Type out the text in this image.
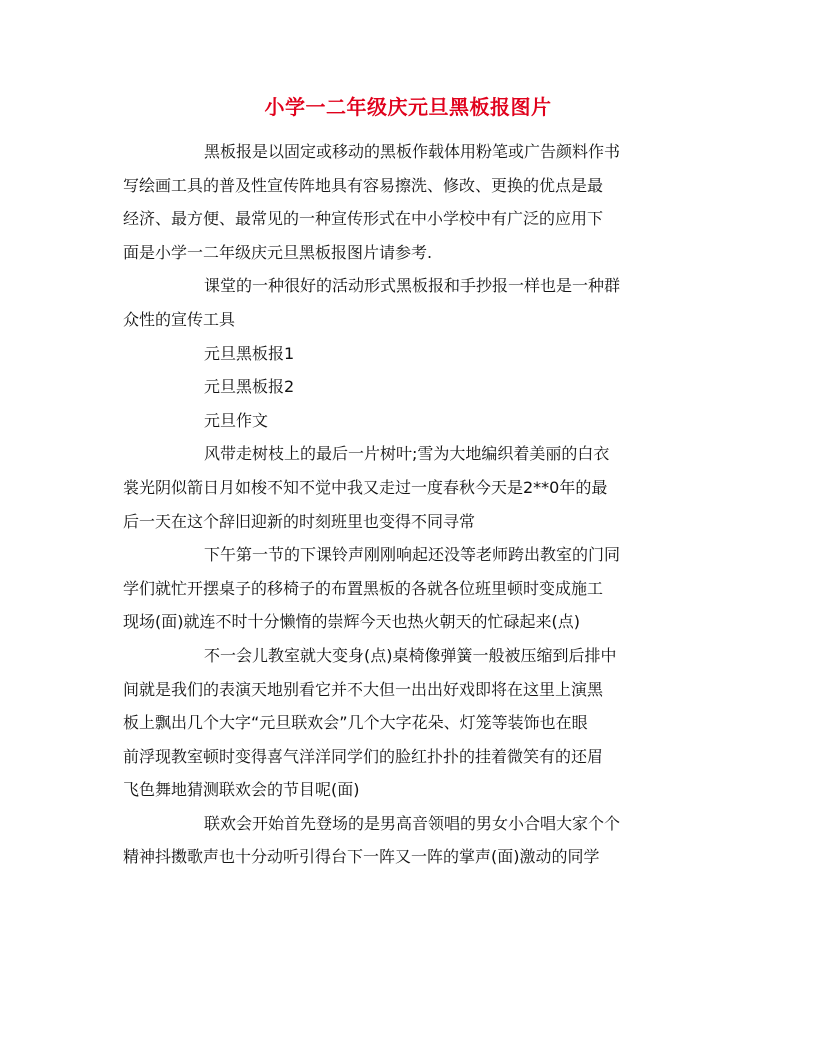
小学一二年级庆元旦黑板报图片
黑板报是以固定或移动的黑板作载体用粉笔或广告颜料作书
写绘画工具的普及性宣传阵地具有容易擦洗、修改、更换的优点是最
经济、最方便、最常见的一种宣传形式在中小学校中有广泛的应用下
面是小学一二年级庆元旦黑板报图片请参考.
课堂的一种很好的活动形式黑板报和手抄报一样也是一种群
众性的宣传工具
元旦黑板报1
元旦黑板报2
元旦作文
风带走树枝上的最后一片树叶;雪为大地编织着美丽的白衣
裳光阴似箭日月如梭不知不觉中我又走过一度春秋今天是2**0年的最
后一天在这个辞旧迎新的时刻班里也变得不同寻常
下午第一节的下课铃声刚刚响起还没等老师跨出教室的门同
学们就忙开摆桌子的移椅子的布置黑板的各就各位班里顿时变成施工
现场(面)就连不时十分懒惰的崇辉今天也热火朝天的忙碌起来(点)
不一会儿教室就大变身(点)桌椅像弹簧一般被压缩到后排中
间就是我们的表演天地别看它并不大但一出出好戏即将在这里上演黑
板上飘出几个大字“元旦联欢会”几个大字花朵、灯笼等装饰也在眼
前浮现教室顿时变得喜气洋洋同学们的脸红扑扑的挂着微笑有的还眉
飞色舞地猜测联欢会的节目呢(面)
联欢会开始首先登场的是男高音领唱的男女小合唱大家个个
精神抖擞歌声也十分动听引得台下一阵又一阵的掌声(面)激动的同学
